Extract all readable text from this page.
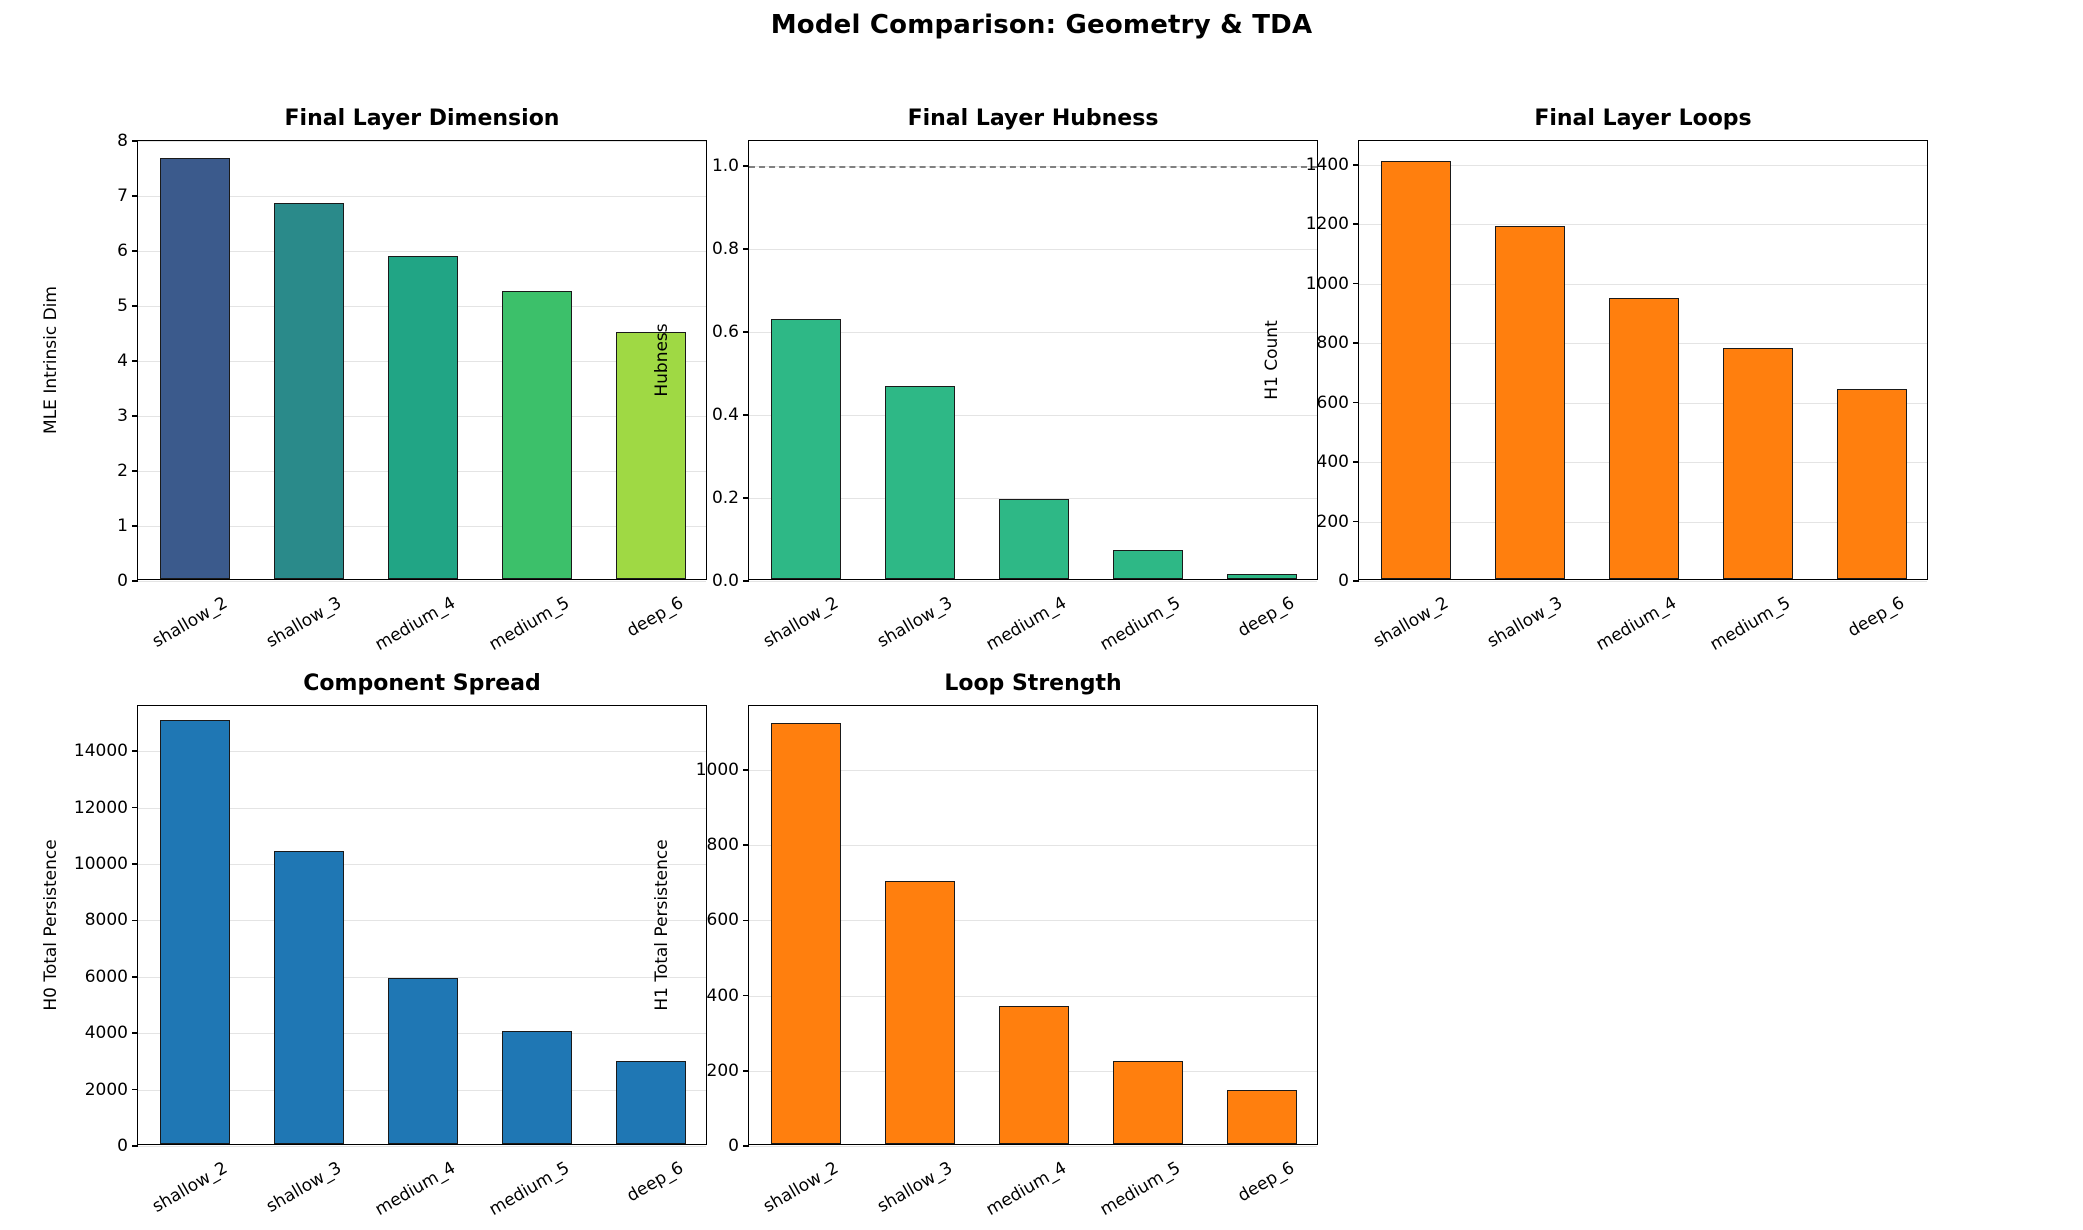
Model Comparison: Geometry & TDA
Final Layer Dimension
MLE Intrinsic Dim
0
1
2
3
4
5
6
7
8
shallow_2 shallow_3 medium_4 medium_5	deep_6
Final Layer Hubness
Hubness
0.0
0.2
0.4
0.6
0.8
1.0
shallow_2 shallow_3 medium_4 medium_5	deep_6
Final Layer Loops
H1 Count
0
200
400
600
800
1000
1200
1400
shallow_2 shallow_3 medium_4 medium_5	deep_6
Component Spread
H0 Total Persistence
0
2000
4000
6000
8000
10000
12000
14000
shallow_2 shallow_3 medium_4 medium_5	deep_6
Loop Strength
H1 Total Persistence
0
200
400
600
800
1000
shallow_2 shallow_3 medium_4 medium_5	deep_6
